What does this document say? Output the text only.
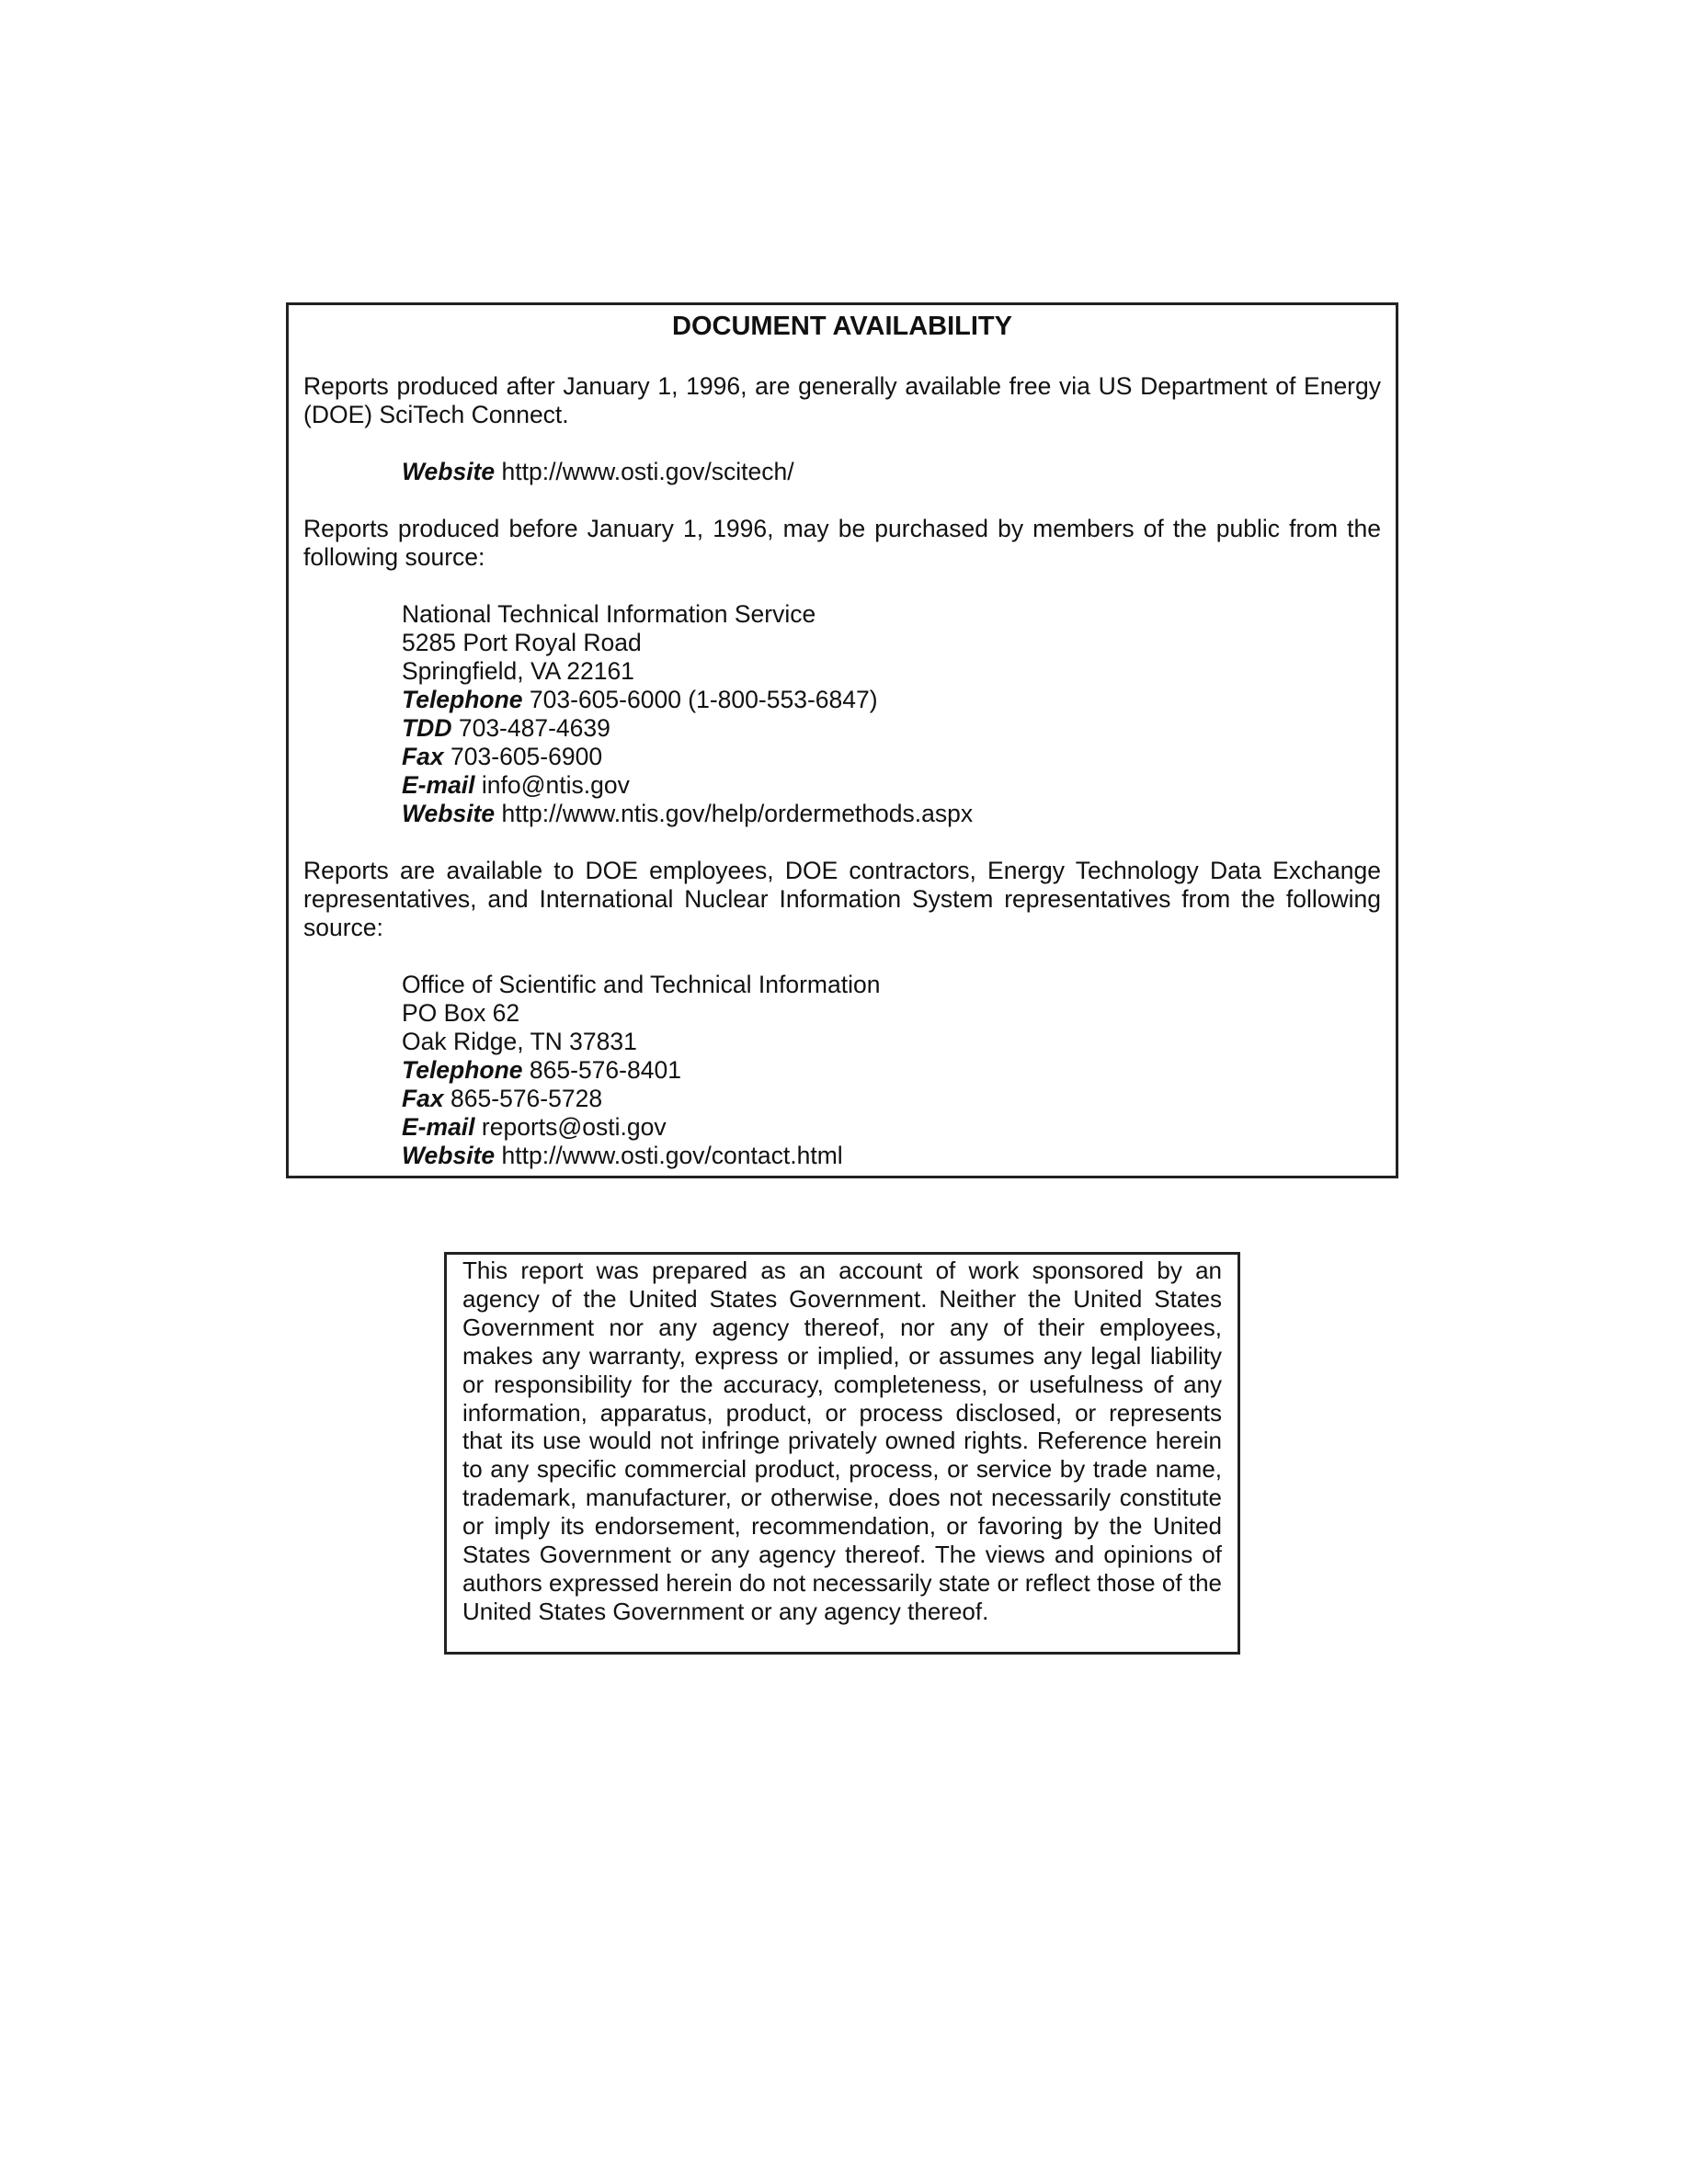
DOCUMENT AVAILABILITY

Reports produced after January 1, 1996, are generally available free via US Department of Energy (DOE) SciTech Connect.

Website http://www.osti.gov/scitech/

Reports produced before January 1, 1996, may be purchased by members of the public from the following source:

National Technical Information Service
5285 Port Royal Road
Springfield, VA 22161
Telephone 703-605-6000 (1-800-553-6847)
TDD 703-487-4639
Fax 703-605-6900
E-mail info@ntis.gov
Website http://www.ntis.gov/help/ordermethods.aspx

Reports are available to DOE employees, DOE contractors, Energy Technology Data Exchange representatives, and International Nuclear Information System representatives from the following source:

Office of Scientific and Technical Information
PO Box 62
Oak Ridge, TN 37831
Telephone 865-576-8401
Fax 865-576-5728
E-mail reports@osti.gov
Website http://www.osti.gov/contact.html

This report was prepared as an account of work sponsored by an agency of the United States Government. Neither the United States Government nor any agency thereof, nor any of their employees, makes any warranty, express or implied, or assumes any legal liability or responsibility for the accuracy, completeness, or usefulness of any information, apparatus, product, or process disclosed, or represents that its use would not infringe privately owned rights. Reference herein to any specific commercial product, process, or service by trade name, trademark, manufacturer, or otherwise, does not necessarily constitute or imply its endorsement, recommendation, or favoring by the United States Government or any agency thereof. The views and opinions of authors expressed herein do not necessarily state or reflect those of the United States Government or any agency thereof.
